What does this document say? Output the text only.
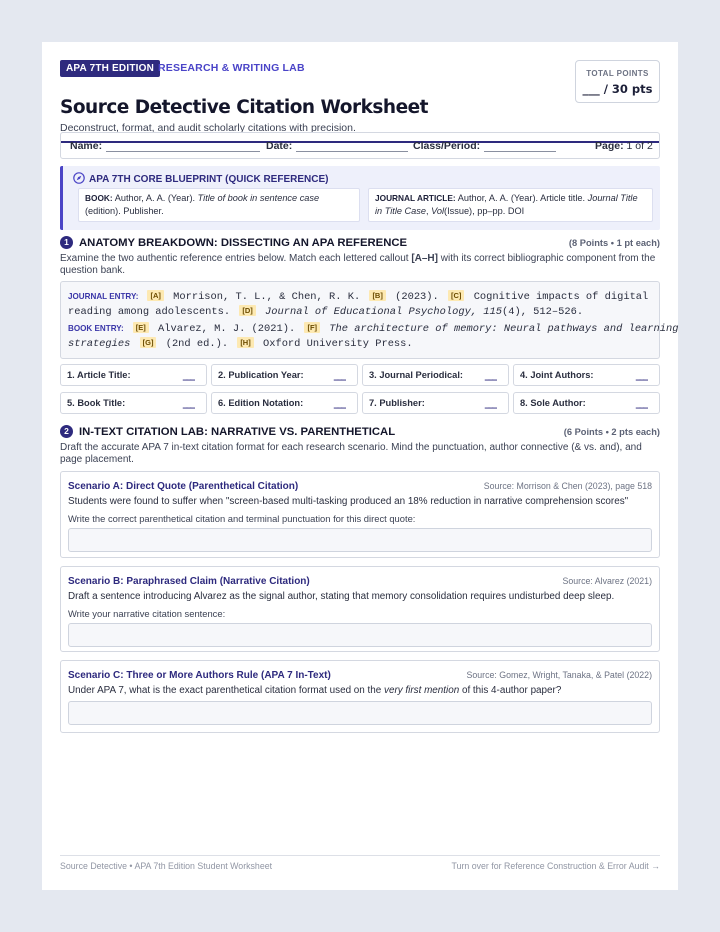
APA 7TH EDITION RESEARCH & WRITING LAB
Source Detective Citation Worksheet
Deconstruct, format, and audit scholarly citations with precision.
TOTAL POINTS
___ / 30 pts
Name:	Date:	Class/Period:	Page: 1 of 2
APA 7TH CORE BLUEPRINT (QUICK REFERENCE)
BOOK: Author, A. A. (Year). Title of book in sentence case (edition). Publisher.
JOURNAL ARTICLE: Author, A. A. (Year). Article title. Journal Title in Title Case, Vol(Issue), pp–pp. DOI
1 ANATOMY BREAKDOWN: DISSECTING AN APA REFERENCE	(8 Points • 1 pt each)
Examine the two authentic reference entries below. Match each lettered callout [A–H] with its correct bibliographic component from the question bank.
JOURNAL ENTRY: [A] Morrison, T. L., & Chen, R. K. [B] (2023). [C] Cognitive impacts of digital
reading among adolescents. [D] Journal of Educational Psychology, 115(4), 512–526.
BOOK ENTRY: [E] Alvarez, M. J. (2021). [F] The architecture of memory: Neural pathways and learning
strategies [G] (2nd ed.). [H] Oxford University Press.
1. Article Title:	___	2. Publication Year:	___	3. Journal Periodical: ___	4. Joint Authors:	___
5. Book Title:	___	6. Edition Notation:	___	7. Publisher:	___	8. Sole Author:	___
2 IN-TEXT CITATION LAB: NARRATIVE VS. PARENTHETICAL	(6 Points • 2 pts each)
Draft the accurate APA 7 in-text citation format for each research scenario. Mind the punctuation, author connective (& vs. and), and page placement.
Scenario A: Direct Quote (Parenthetical Citation)	Source: Morrison & Chen (2023), page 518
Students were found to suffer when "screen-based multi-tasking produced an 18% reduction in narrative comprehension scores"
Write the correct parenthetical citation and terminal punctuation for this direct quote:
Scenario B: Paraphrased Claim (Narrative Citation)	Source: Alvarez (2021)
Draft a sentence introducing Alvarez as the signal author, stating that memory consolidation requires undisturbed deep sleep.
Write your narrative citation sentence:
Scenario C: Three or More Authors Rule (APA 7 In-Text)	Source: Gomez, Wright, Tanaka, & Patel (2022)
Under APA 7, what is the exact parenthetical citation format used on the very first mention of this 4-author paper?
Source Detective • APA 7th Edition Student Worksheet	Turn over for Reference Construction & Error Audit →
